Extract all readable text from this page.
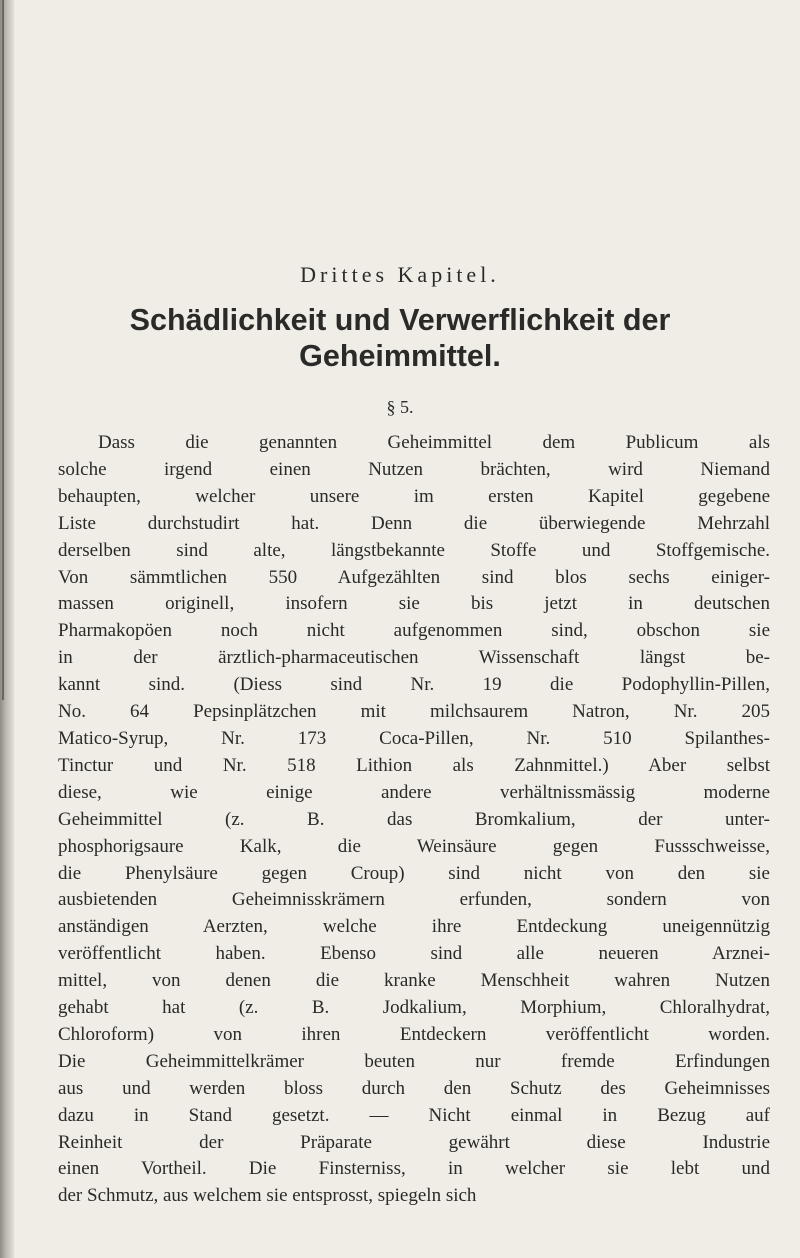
Drittes Kapitel.
Schädlichkeit und Verwerflichkeit der
Geheimmittel.
§ 5.
Dass die genannten Geheimmittel dem Publicum als
solche irgend einen Nutzen brächten, wird Niemand
behaupten, welcher unsere im ersten Kapitel gegebene
Liste durchstudirt hat. Denn die überwiegende Mehrzahl
derselben sind alte, längstbekannte Stoffe und Stoffgemische.
Von sämmtlichen 550 Aufgezählten sind blos sechs einiger-
massen originell, insofern sie bis jetzt in deutschen
Pharmakopöen noch nicht aufgenommen sind, obschon sie
in der ärztlich-pharmaceutischen Wissenschaft längst be-
kannt sind. (Diess sind Nr. 19 die Podophyllin-Pillen,
No. 64 Pepsinplätzchen mit milchsaurem Natron, Nr. 205
Matico-Syrup, Nr. 173 Coca-Pillen, Nr. 510 Spilanthes-
Tinctur und Nr. 518 Lithion als Zahnmittel.) Aber selbst
diese, wie einige andere verhältnissmässig moderne
Geheimmittel (z. B. das Bromkalium, der unter-
phosphorigsaure Kalk, die Weinsäure gegen Fussschweisse,
die Phenylsäure gegen Croup) sind nicht von den sie
ausbietenden Geheimnisskrämern erfunden, sondern von
anständigen Aerzten, welche ihre Entdeckung uneigennützig
veröffentlicht haben. Ebenso sind alle neueren Arznei-
mittel, von denen die kranke Menschheit wahren Nutzen
gehabt hat (z. B. Jodkalium, Morphium, Chloralhydrat,
Chloroform) von ihren Entdeckern veröffentlicht worden.
Die Geheimmittelkrämer beuten nur fremde Erfindungen
aus und werden bloss durch den Schutz des Geheimnisses
dazu in Stand gesetzt. — Nicht einmal in Bezug auf
Reinheit der Präparate gewährt diese Industrie
einen Vortheil. Die Finsterniss, in welcher sie lebt und
der Schmutz, aus welchem sie entsprosst, spiegeln sich
